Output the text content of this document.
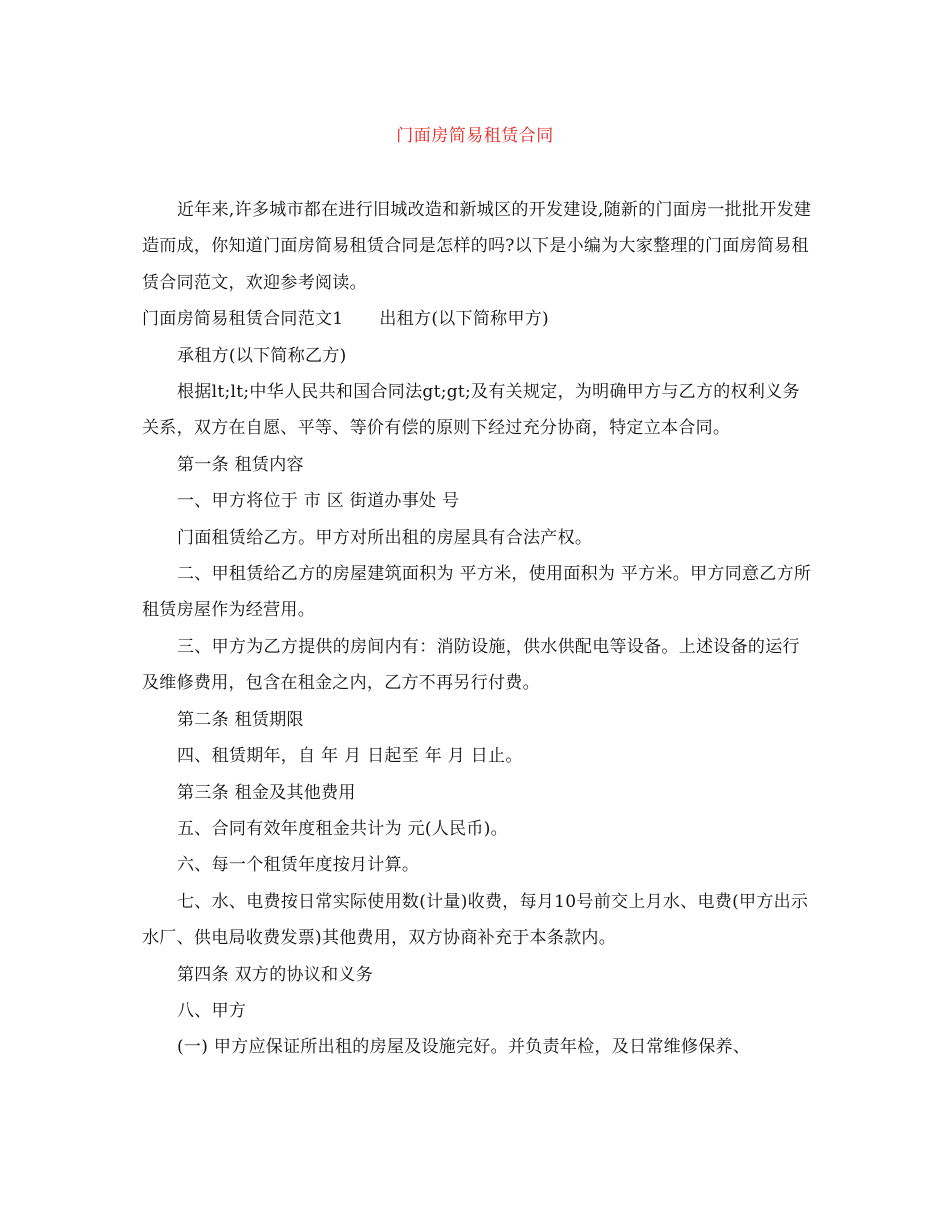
门面房简易租赁合同

近年来,许多城市都在进行旧城改造和新城区的开发建设,随新的门面房一批批开发建造而成，你知道门面房简易租赁合同是怎样的吗?以下是小编为大家整理的门面房简易租赁合同范文，欢迎参考阅读。

门面房简易租赁合同范文1 出租方(以下简称甲方)

承租方(以下简称乙方)

根据lt;lt;中华人民共和国合同法gt;gt;及有关规定，为明确甲方与乙方的权利义务关系，双方在自愿、平等、等价有偿的原则下经过充分协商，特定立本合同。

第一条 租赁内容

一、甲方将位于 市 区 街道办事处 号

门面租赁给乙方。甲方对所出租的房屋具有合法产权。

二、甲租赁给乙方的房屋建筑面积为 平方米，使用面积为 平方米。甲方同意乙方所租赁房屋作为经营用。

三、甲方为乙方提供的房间内有：消防设施，供水供配电等设备。上述设备的运行及维修费用，包含在租金之内，乙方不再另行付费。

第二条 租赁期限

四、租赁期年，自 年 月 日起至 年 月 日止。

第三条 租金及其他费用

五、合同有效年度租金共计为 元(人民币)。

六、每一个租赁年度按月计算。

七、水、电费按日常实际使用数(计量)收费，每月10号前交上月水、电费(甲方出示水厂、供电局收费发票)其他费用，双方协商补充于本条款内。

第四条 双方的协议和义务

八、甲方

(一) 甲方应保证所出租的房屋及设施完好。并负责年检，及日常维修保养、
